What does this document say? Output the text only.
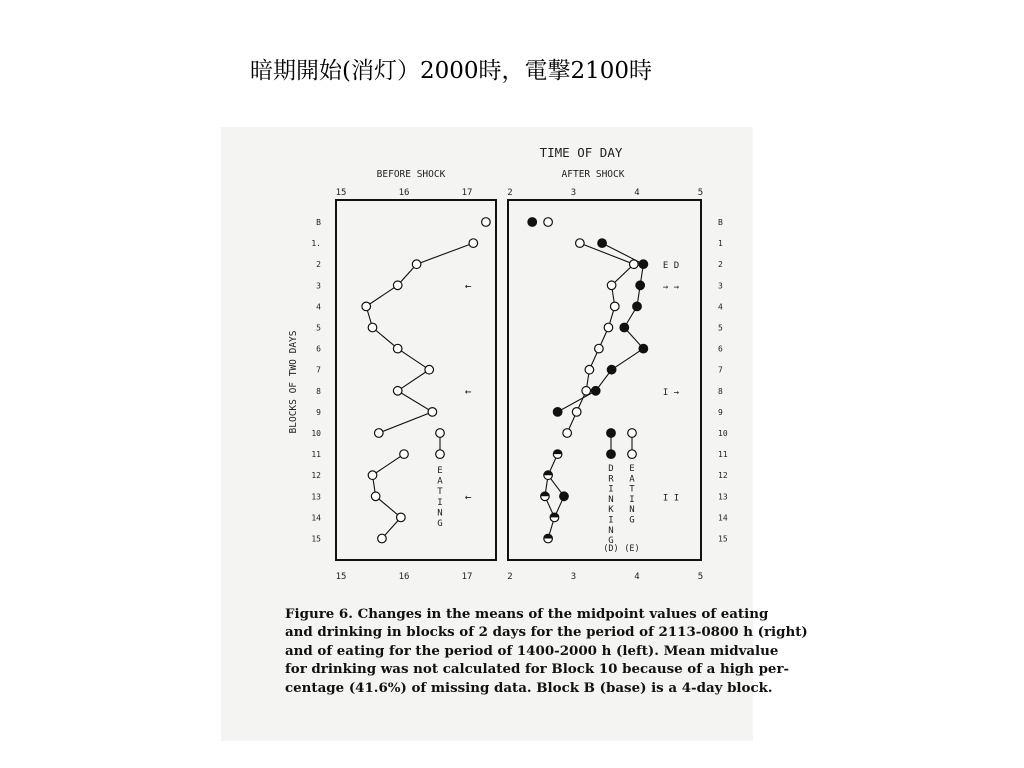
暗期開始(消灯）2000時，電撃2100時
TIME OF DAY
BEFORE SHOCK	AFTER SHOCK
15
15
16
16
17
17
2
2
3
3
4
4
5
5
B	B
1.	1
2	2
3	3
4	4
5	5
6	6
7	7
8	8
9	9
10	10
11	11
12	12
13	13
14	14
15	15
BLOCKS OF TWO DAYS
←
←
←
E D
→ →
I →
I I
E
A
T
I
N
G
D
R
I
N
K
I
N
G
(D)
E
A
T
I
N
G
(E)
Figure 6. Changes in the means of the midpoint values of eating
and drinking in blocks of 2 days for the period of 2113-0800 h (right)
and of eating for the period of 1400-2000 h (left). Mean midvalue
for drinking was not calculated for Block 10 because of a high per-
centage (41.6%) of missing data. Block B (base) is a 4-day block.
